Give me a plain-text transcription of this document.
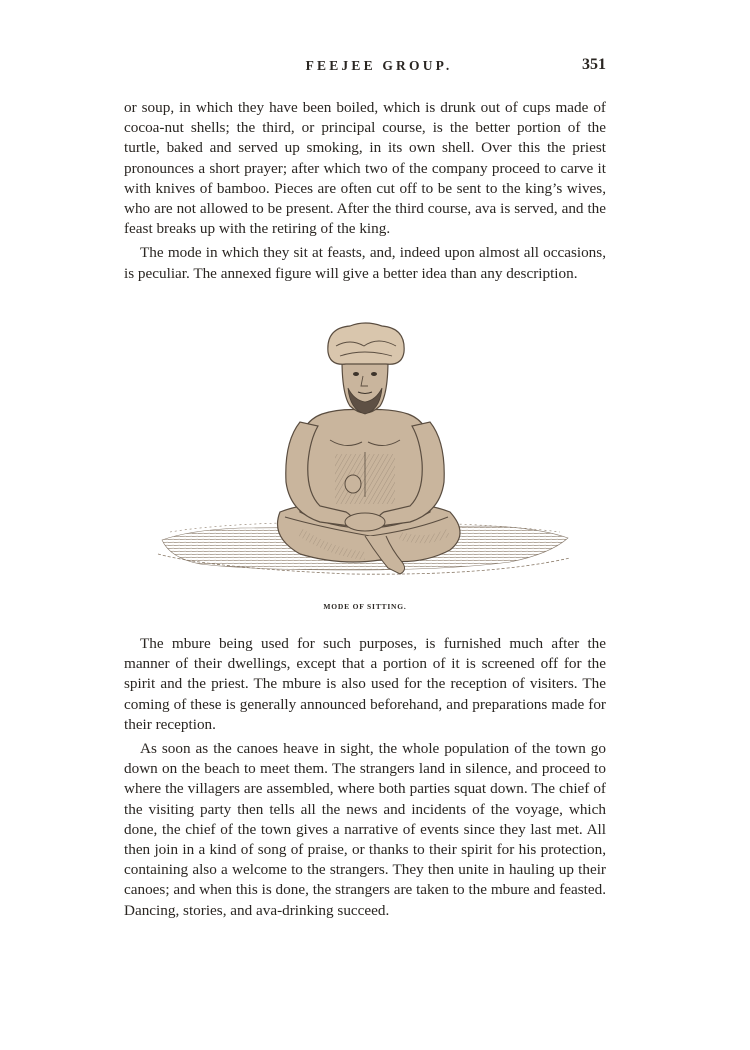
FEEJEE GROUP.	351

or soup, in which they have been boiled, which is drunk out of cups made of cocoa-nut shells; the third, or principal course, is the better portion of the turtle, baked and served up smoking, in its own shell. Over this the priest pronounces a short prayer; after which two of the company proceed to carve it with knives of bamboo. Pieces are often cut off to be sent to the king’s wives, who are not allowed to be present. After the third course, ava is served, and the feast breaks up with the retiring of the king.

The mode in which they sit at feasts, and, indeed upon almost all occasions, is peculiar. The annexed figure will give a better idea than any description.

MODE OF SITTING.

The mbure being used for such purposes, is furnished much after the manner of their dwellings, except that a portion of it is screened off for the spirit and the priest. The mbure is also used for the reception of visiters. The coming of these is generally announced beforehand, and preparations made for their reception.

As soon as the canoes heave in sight, the whole population of the town go down on the beach to meet them. The strangers land in silence, and proceed to where the villagers are assembled, where both parties squat down. The chief of the visiting party then tells all the news and incidents of the voyage, which done, the chief of the town gives a narrative of events since they last met. All then join in a kind of song of praise, or thanks to their spirit for his protection, containing also a welcome to the strangers. They then unite in hauling up their canoes; and when this is done, the strangers are taken to the mbure and feasted. Dancing, stories, and ava-drinking succeed.
